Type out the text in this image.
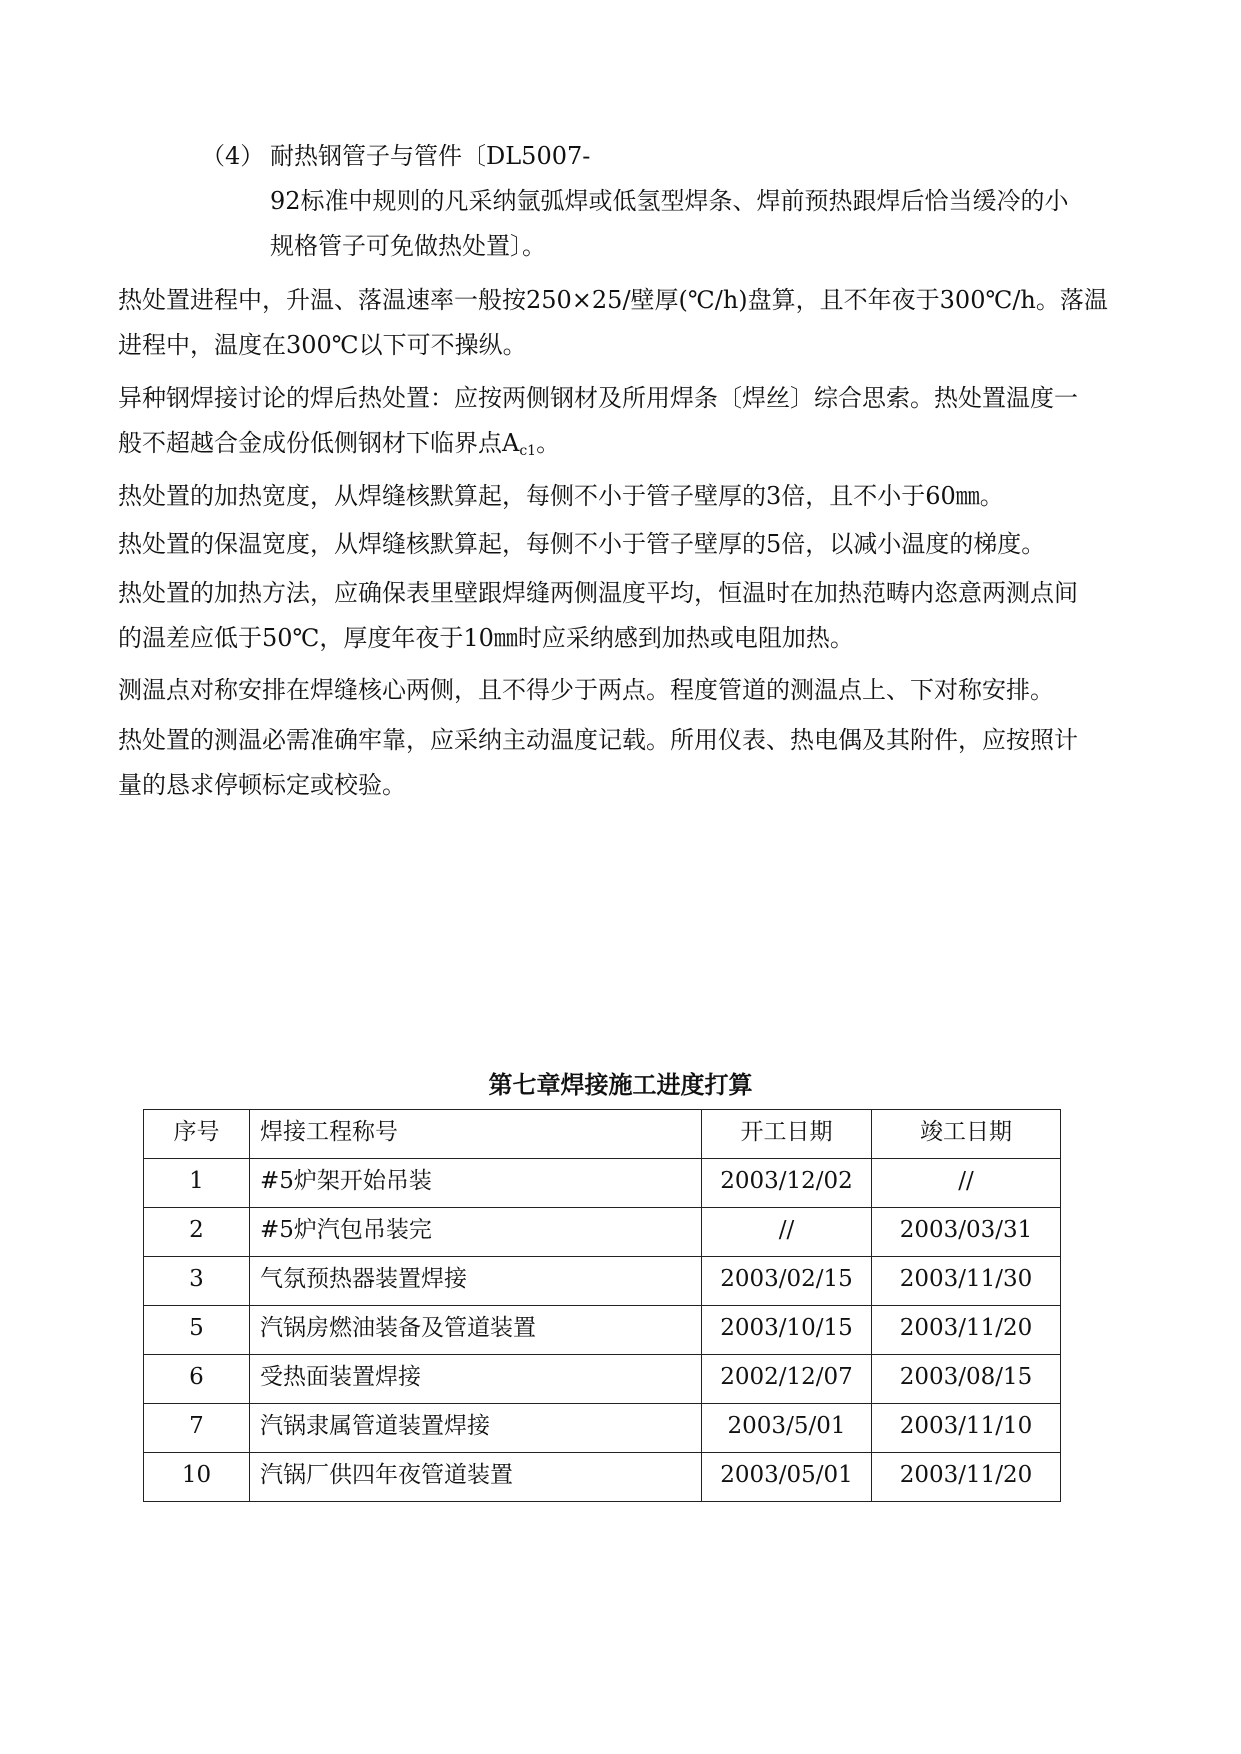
（4） 耐热钢管子与管件〔DL5007-
92标准中规则的凡采纳氩弧焊或低氢型焊条、焊前预热跟焊后恰当缓冷的小
规格管子可免做热处置〕。
热处置进程中，升温、落温速率一般按250×25/壁厚(℃/h)盘算，且不年夜于300℃/h。落温
进程中，温度在300℃以下可不操纵。
异种钢焊接讨论的焊后热处置：应按两侧钢材及所用焊条〔焊丝〕综合思索。热处置温度一
般不超越合金成份低侧钢材下临界点$A_{c1}$。
热处置的加热宽度，从焊缝核默算起，每侧不小于管子壁厚的3倍，且不小于60㎜。
热处置的保温宽度，从焊缝核默算起，每侧不小于管子壁厚的5倍，以减小温度的梯度。
热处置的加热方法，应确保表里壁跟焊缝两侧温度平均，恒温时在加热范畴内恣意两测点间
的温差应低于50℃，厚度年夜于10㎜时应采纳感到加热或电阻加热。
测温点对称安排在焊缝核心两侧，且不得少于两点。程度管道的测温点上、下对称安排。
热处置的测温必需准确牢靠，应采纳主动温度记载。所用仪表、热电偶及其附件，应按照计
量的恳求停顿标定或校验。
第七章焊接施工进度打算
序号	焊接工程称号	开工日期	竣工日期
1	#5炉架开始吊装	2003/12/02	//
2	#5炉汽包吊装完	//	2003/03/31
3	气氛预热器装置焊接	2003/02/15	2003/11/30
5	汽锅房燃油装备及管道装置	2003/10/15	2003/11/20
6	受热面装置焊接	2002/12/07	2003/08/15
7	汽锅隶属管道装置焊接	2003/5/01	2003/11/10
10	汽锅厂供四年夜管道装置	2003/05/01	2003/11/20
